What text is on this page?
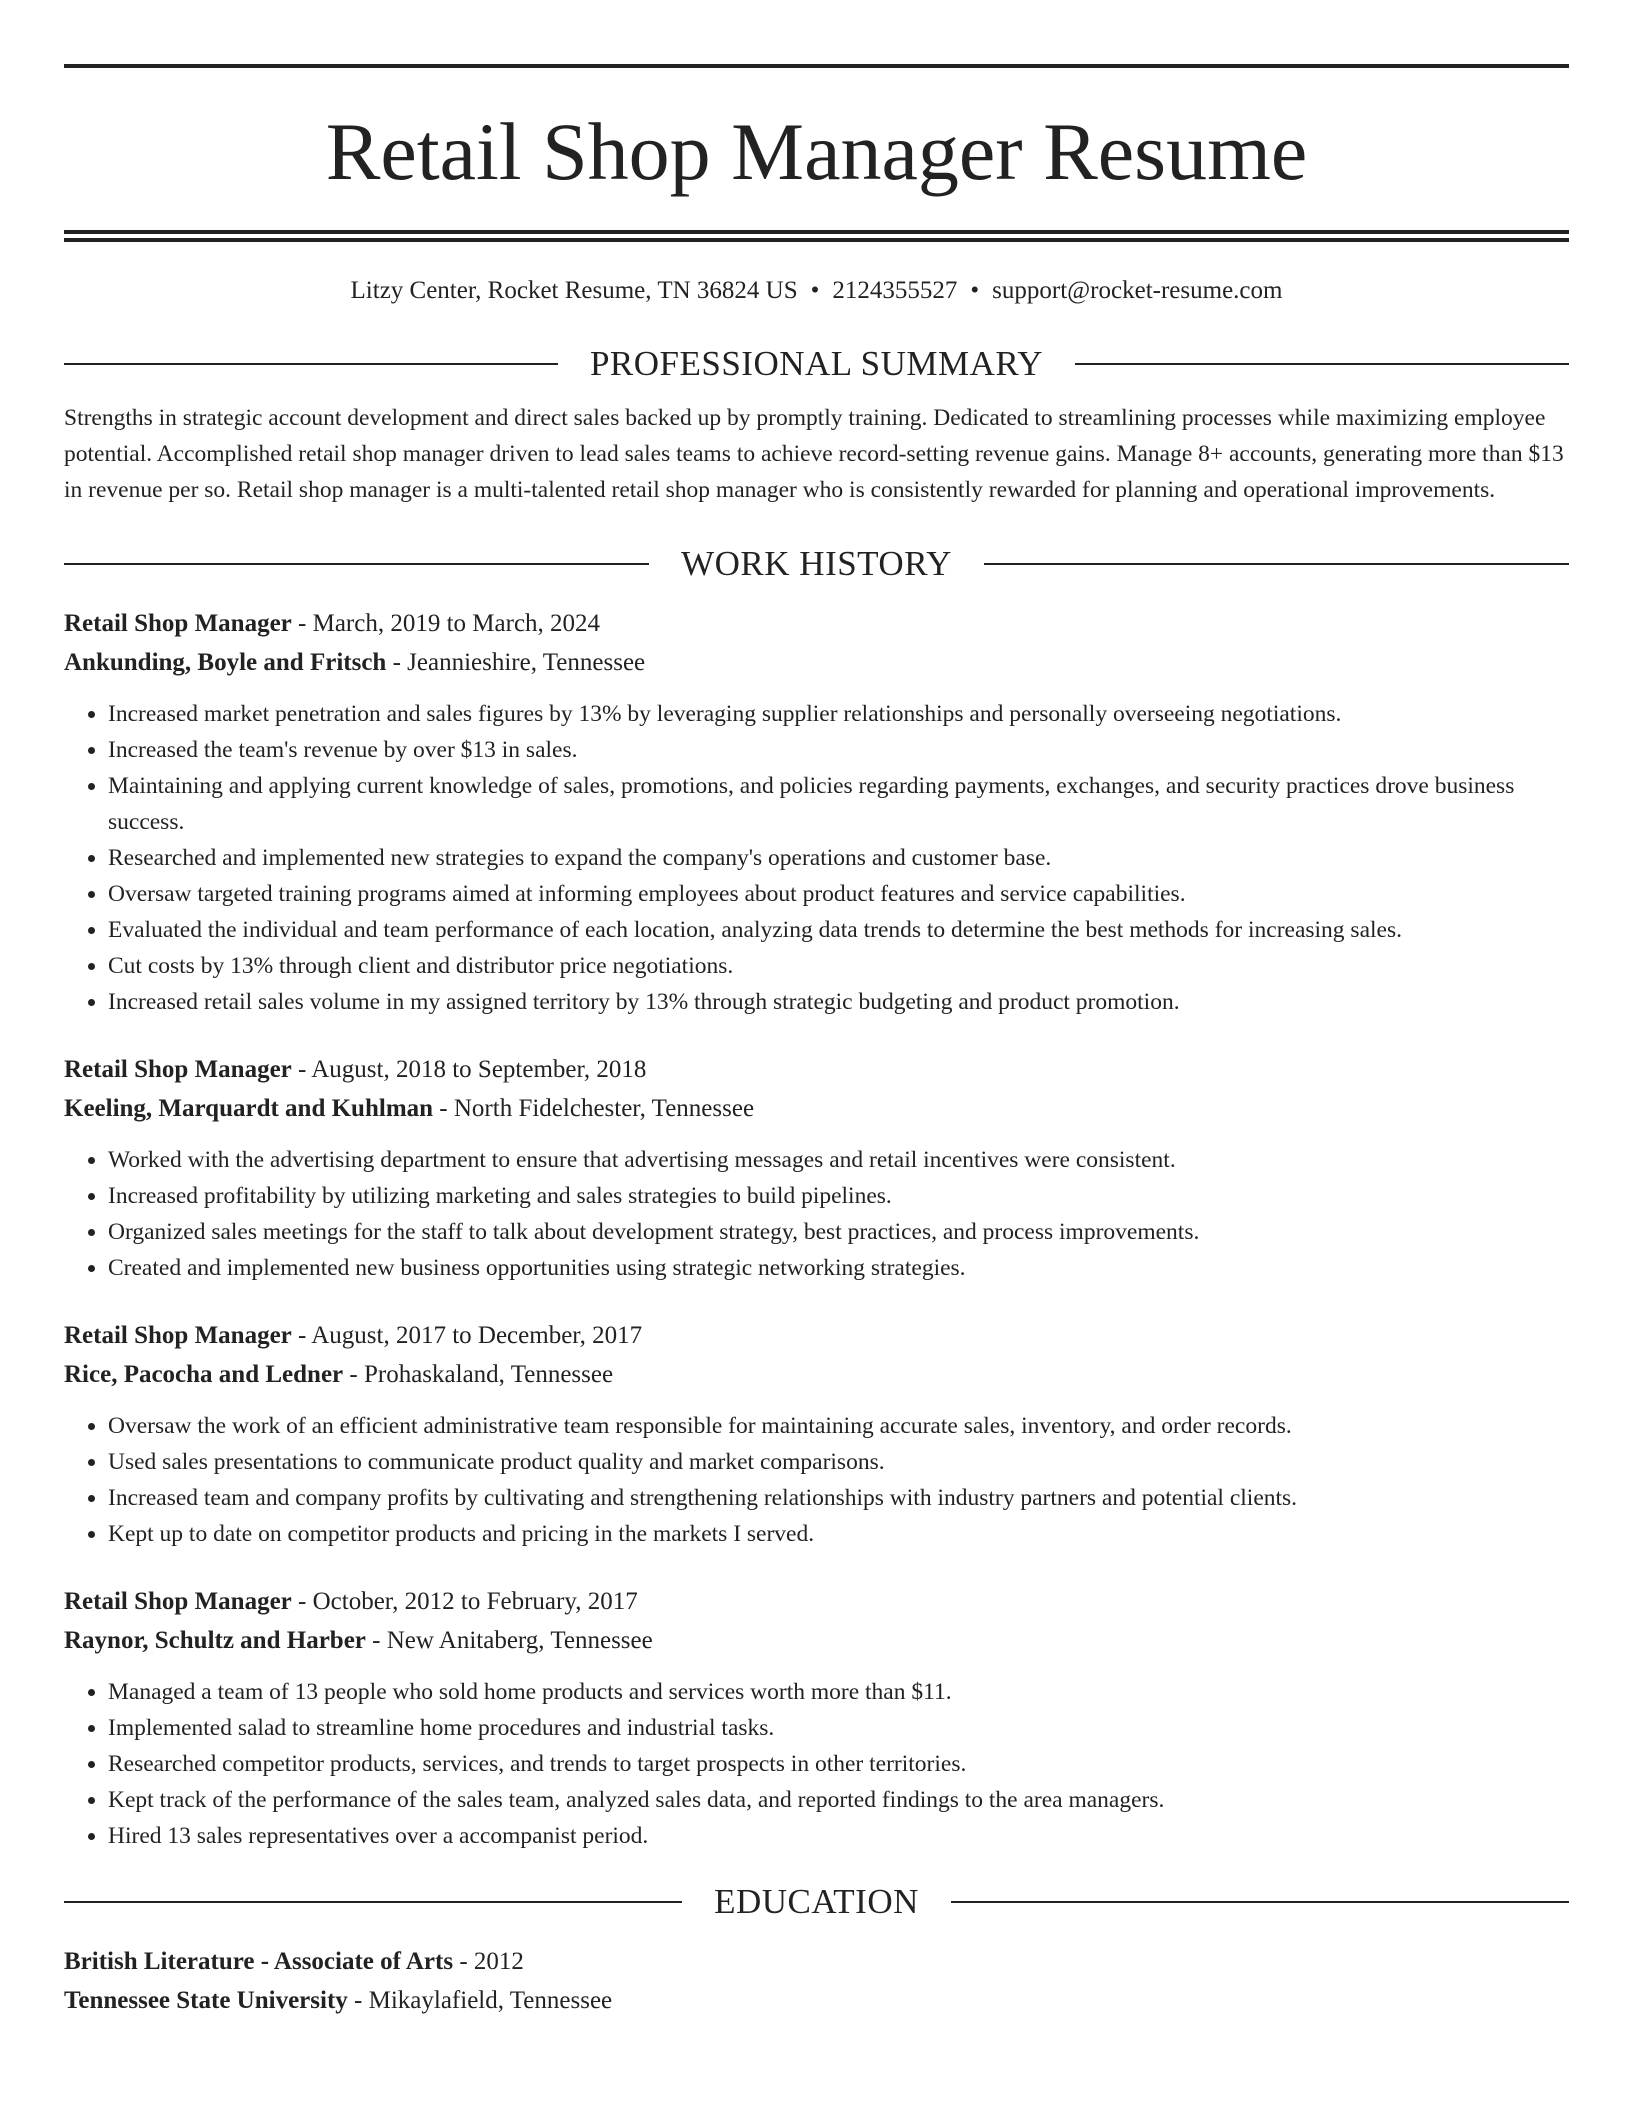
Retail Shop Manager Resume
Litzy Center, Rocket Resume, TN 36824 US • 2124355527 • support@rocket-resume.com
PROFESSIONAL SUMMARY
Strengths in strategic account development and direct sales backed up by promptly training. Dedicated to streamlining processes while maximizing employee potential. Accomplished retail shop manager driven to lead sales teams to achieve record-setting revenue gains. Manage 8+ accounts, generating more than $13 in revenue per so. Retail shop manager is a multi-talented retail shop manager who is consistently rewarded for planning and operational improvements.
WORK HISTORY
Retail Shop Manager - March, 2019 to March, 2024
Ankunding, Boyle and Fritsch - Jeannieshire, Tennessee
• Increased market penetration and sales figures by 13% by leveraging supplier relationships and personally overseeing negotiations.
• Increased the team's revenue by over $13 in sales.
• Maintaining and applying current knowledge of sales, promotions, and policies regarding payments, exchanges, and security practices drove business success.
• Researched and implemented new strategies to expand the company's operations and customer base.
• Oversaw targeted training programs aimed at informing employees about product features and service capabilities.
• Evaluated the individual and team performance of each location, analyzing data trends to determine the best methods for increasing sales.
• Cut costs by 13% through client and distributor price negotiations.
• Increased retail sales volume in my assigned territory by 13% through strategic budgeting and product promotion.
Retail Shop Manager - August, 2018 to September, 2018
Keeling, Marquardt and Kuhlman - North Fidelchester, Tennessee
• Worked with the advertising department to ensure that advertising messages and retail incentives were consistent.
• Increased profitability by utilizing marketing and sales strategies to build pipelines.
• Organized sales meetings for the staff to talk about development strategy, best practices, and process improvements.
• Created and implemented new business opportunities using strategic networking strategies.
Retail Shop Manager - August, 2017 to December, 2017
Rice, Pacocha and Ledner - Prohaskaland, Tennessee
• Oversaw the work of an efficient administrative team responsible for maintaining accurate sales, inventory, and order records.
• Used sales presentations to communicate product quality and market comparisons.
• Increased team and company profits by cultivating and strengthening relationships with industry partners and potential clients.
• Kept up to date on competitor products and pricing in the markets I served.
Retail Shop Manager - October, 2012 to February, 2017
Raynor, Schultz and Harber - New Anitaberg, Tennessee
• Managed a team of 13 people who sold home products and services worth more than $11.
• Implemented salad to streamline home procedures and industrial tasks.
• Researched competitor products, services, and trends to target prospects in other territories.
• Kept track of the performance of the sales team, analyzed sales data, and reported findings to the area managers.
• Hired 13 sales representatives over a accompanist period.
EDUCATION
British Literature - Associate of Arts - 2012
Tennessee State University - Mikaylafield, Tennessee
